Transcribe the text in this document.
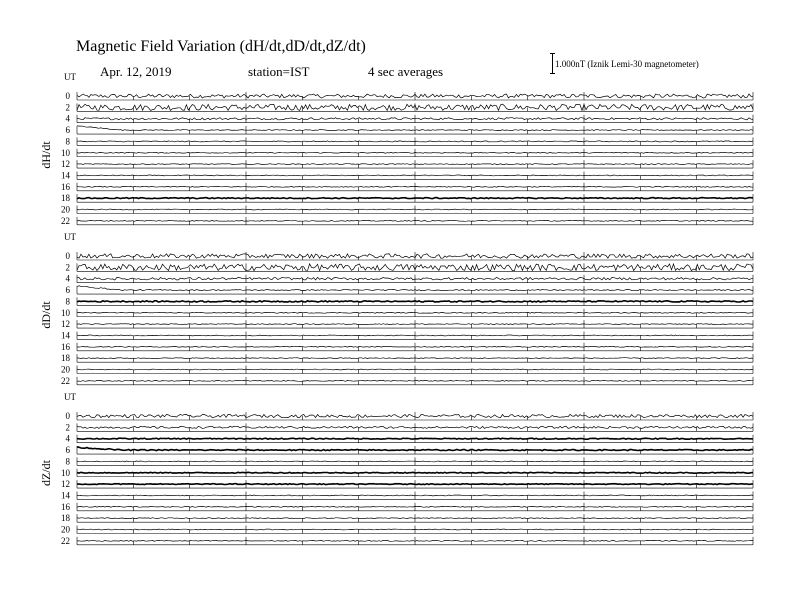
Magnetic Field Variation (dH/dt,dD/dt,dZ/dt)
Apr. 12, 2019	station=IST	4 sec averages	1.000nT (Iznik Lemi-30 magnetometer)
UT
dH/dt
0
2
4
6
8
10
12
14
16
18
20
22
UT
dD/dt
0
2
4
6
8
10
12
14
16
18
20
22
UT
dZ/dt
0
2
4
6
8
10
12
14
16
18
20
22
